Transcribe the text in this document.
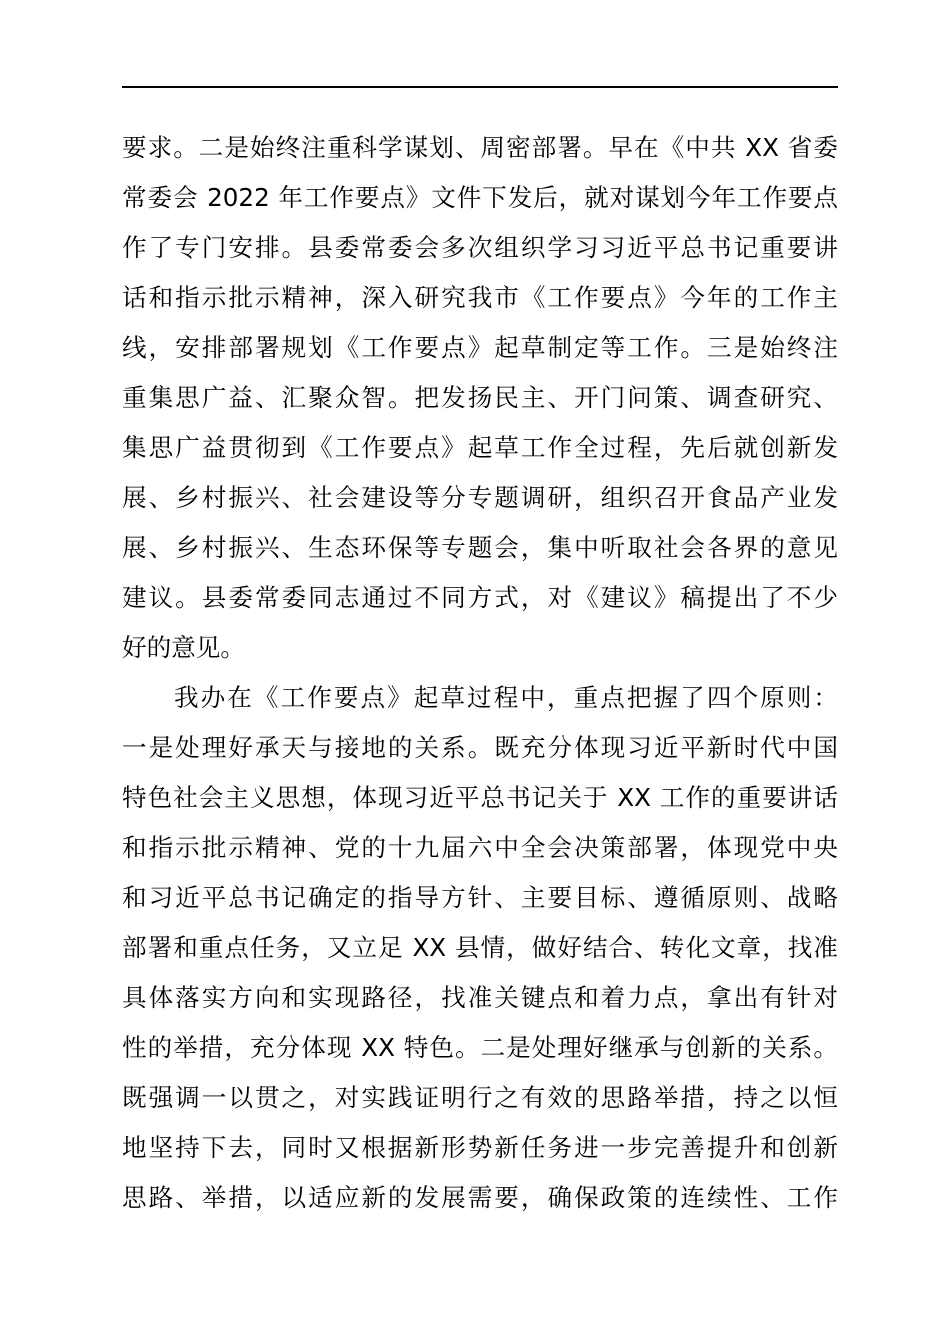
要求。二是始终注重科学谋划、周密部署。早在《中共 XX 省委
常委会 2022 年工作要点》文件下发后，就对谋划今年工作要点
作了专门安排。县委常委会多次组织学习习近平总书记重要讲
话和指示批示精神，深入研究我市《工作要点》今年的工作主
线，安排部署规划《工作要点》起草制定等工作。三是始终注
重集思广益、汇聚众智。把发扬民主、开门问策、调查研究、
集思广益贯彻到《工作要点》起草工作全过程，先后就创新发
展、乡村振兴、社会建设等分专题调研，组织召开食品产业发
展、乡村振兴、生态环保等专题会，集中听取社会各界的意见
建议。县委常委同志通过不同方式，对《建议》稿提出了不少
好的意见。
我办在《工作要点》起草过程中，重点把握了四个原则：
一是处理好承天与接地的关系。既充分体现习近平新时代中国
特色社会主义思想，体现习近平总书记关于 XX 工作的重要讲话
和指示批示精神、党的十九届六中全会决策部署，体现党中央
和习近平总书记确定的指导方针、主要目标、遵循原则、战略
部署和重点任务，又立足 XX 县情，做好结合、转化文章，找准
具体落实方向和实现路径，找准关键点和着力点，拿出有针对
性的举措，充分体现 XX 特色。二是处理好继承与创新的关系。
既强调一以贯之，对实践证明行之有效的思路举措，持之以恒
地坚持下去，同时又根据新形势新任务进一步完善提升和创新
思路、举措，以适应新的发展需要，确保政策的连续性、工作
